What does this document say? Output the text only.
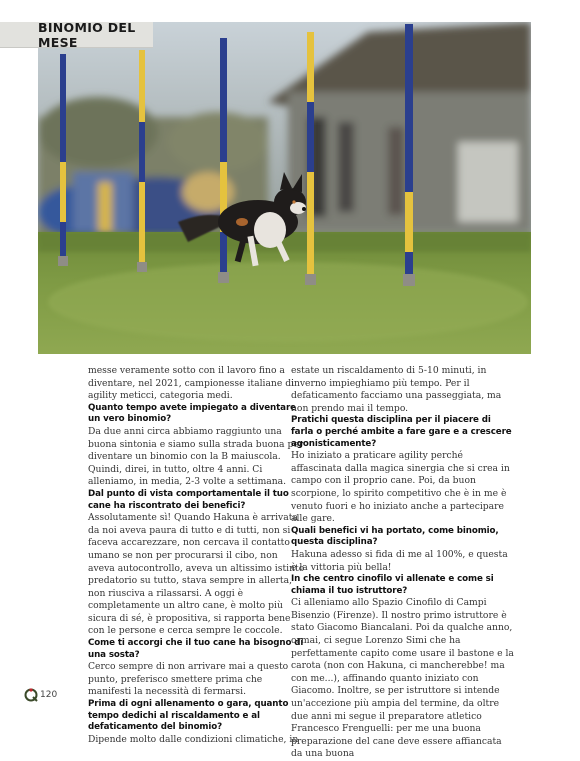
BINOMIO DEL MESE

messe veramente sotto con il lavoro fino a diventare, nel 2021, campionesse italiane di agility meticci, categoria medi.

Quanto tempo avete impiegato a diventare un vero binomio?

Da due anni circa abbiamo raggiunto una buona sintonia e siamo sulla strada buona per diventare un binomio con la B maiuscola. Quindi, direi, in tutto, oltre 4 anni. Ci alleniamo, in media, 2-3 volte a settimana.

Dal punto di vista comportamentale il tuo cane ha riscontrato dei benefici?

Assolutamente sì! Quando Hakuna è arrivata da noi aveva paura di tutto e di tutti, non si faceva accarezzare, non cercava il contatto umano se non per procurarsi il cibo, non aveva autocontrollo, aveva un altissimo istinto predatorio su tutto, stava sempre in allerta, non riusciva a rilassarsi. A oggi è completamente un altro cane, è molto più sicura di sé, è propositiva, si rapporta bene con le persone e cerca sempre le coccole.

Come ti accorgi che il tuo cane ha bisogno di una sosta?

Cerco sempre di non arrivare mai a questo punto, preferisco smettere prima che manifesti la necessità di fermarsi.

Prima di ogni allenamento o gara, quanto tempo dedichi al riscaldamento e al defaticamento del binomio?

Dipende molto dalle condizioni climatiche, in

estate un riscaldamento di 5-10 minuti, in inverno impieghiamo più tempo. Per il defaticamento facciamo una passeggiata, ma non prendo mai il tempo.

Pratichi questa disciplina per il piacere di farla o perché ambite a fare gare e a crescere agonisticamente?

Ho iniziato a praticare agility perché affascinata dalla magica sinergia che si crea in campo con il proprio cane. Poi, da buon scorpione, lo spirito competitivo che è in me è venuto fuori e ho iniziato anche a partecipare alle gare.

Quali benefici vi ha portato, come binomio, questa disciplina?

Hakuna adesso si fida di me al 100%, e questa è la vittoria più bella!

In che centro cinofilo vi allenate e come si chiama il tuo istruttore?

Ci alleniamo allo Spazio Cinofilo di Campi Bisenzio (Firenze). Il nostro primo istruttore è stato Giacomo Biancalani. Poi da qualche anno, ormai, ci segue Lorenzo Simi che ha perfettamente capito come usare il bastone e la carota (non con Hakuna, ci mancherebbe! ma con me...), affinando quanto iniziato con Giacomo. Inoltre, se per istruttore si intende un'accezione più ampia del termine, da oltre due anni mi segue il preparatore atletico Francesco Frenguelli: per me una buona preparazione del cane deve essere affiancata da una buona

120
